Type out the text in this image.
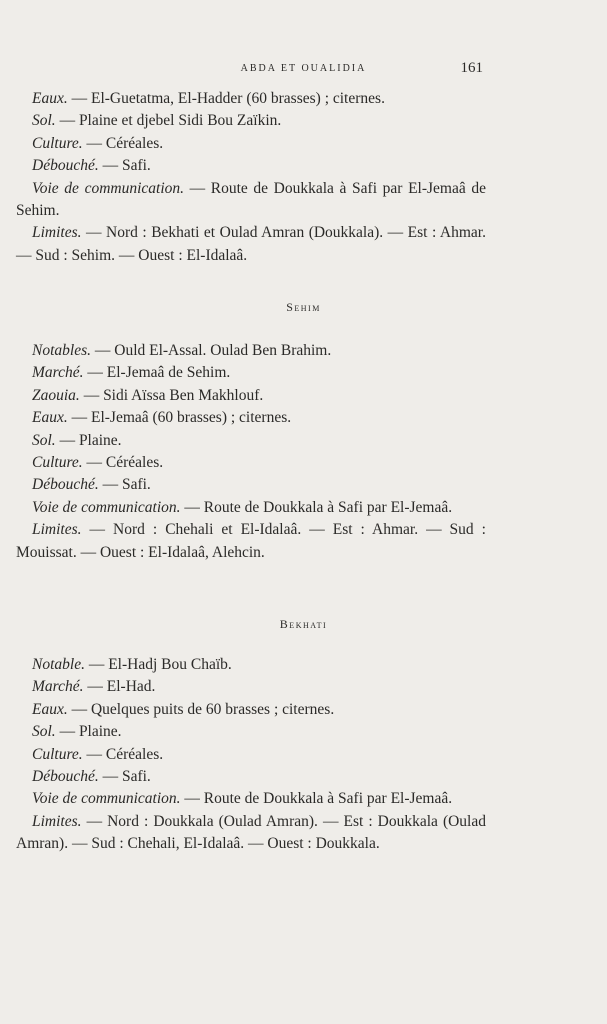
ABDA ET OUALIDIA	161

Eaux. — El-Guetatma, El-Hadder (60 brasses) ; citernes.

Sol. — Plaine et djebel Sidi Bou Zaïkin.

Culture. — Céréales.

Débouché. — Safi.

Voie de communication. — Route de Doukkala à Safi par El-Jemaâ de Sehim.

Limites. — Nord : Bekhati et Oulad Amran (Doukkala). — Est : Ahmar. — Sud : Sehim. — Ouest : El-Idalaâ.

Sehim

Notables. — Ould El-Assal. Oulad Ben Brahim.

Marché. — El-Jemaâ de Sehim.

Zaouia. — Sidi Aïssa Ben Makhlouf.

Eaux. — El-Jemaâ (60 brasses) ; citernes.

Sol. — Plaine.

Culture. — Céréales.

Débouché. — Safi.

Voie de communication. — Route de Doukkala à Safi par El-Jemaâ.

Limites. — Nord : Chehali et El-Idalaâ. — Est : Ahmar. — Sud : Mouissat. — Ouest : El-Idalaâ, Alehcin.

Bekhati

Notable. — El-Hadj Bou Chaïb.

Marché. — El-Had.

Eaux. — Quelques puits de 60 brasses ; citernes.

Sol. — Plaine.

Culture. — Céréales.

Débouché. — Safi.

Voie de communication. — Route de Doukkala à Safi par El-Jemaâ.

Limites. — Nord : Doukkala (Oulad Amran). — Est : Doukkala (Oulad Amran). — Sud : Chehali, El-Idalaâ. — Ouest : Doukkala.
